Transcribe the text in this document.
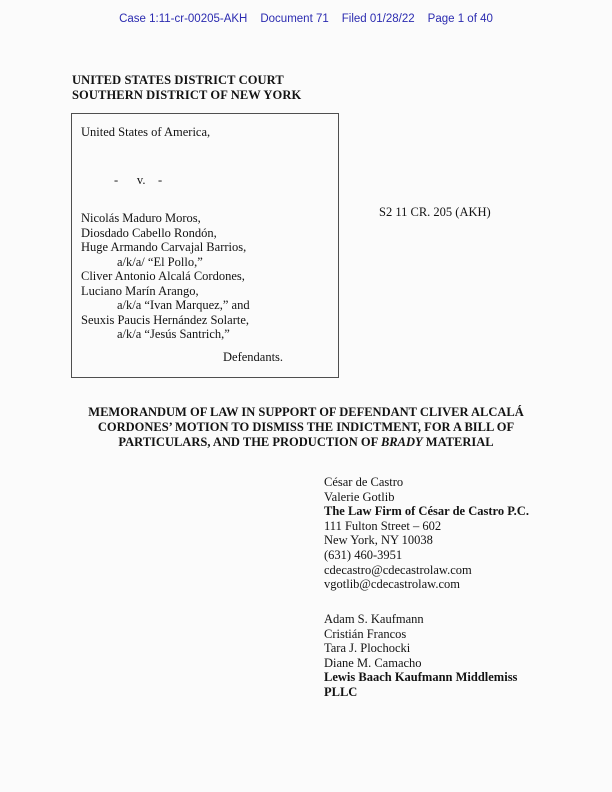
Case 1:11-cr-00205-AKH Document 71 Filed 01/28/22 Page 1 of 40
UNITED STATES DISTRICT COURT
SOUTHERN DISTRICT OF NEW YORK
United States of America,
-      v.    -
Nicolás Maduro Moros,
Diosdado Cabello Rondón,
Huge Armando Carvajal Barrios,
a/k/a/ “El Pollo,”
Cliver Antonio Alcalá Cordones,
Luciano Marín Arango,
a/k/a “Ivan Marquez,” and
Seuxis Paucis Hernández Solarte,
a/k/a “Jesús Santrich,”
Defendants.
S2 11 CR. 205 (AKH)
MEMORANDUM OF LAW IN SUPPORT OF DEFENDANT CLIVER ALCALÁ
CORDONES’ MOTION TO DISMISS THE INDICTMENT, FOR A BILL OF
PARTICULARS, AND THE PRODUCTION OF BRADY MATERIAL
César de Castro
Valerie Gotlib
The Law Firm of César de Castro P.C.
111 Fulton Street – 602
New York, NY 10038
(631) 460-3951
cdecastro@cdecastrolaw.com
vgotlib@cdecastrolaw.com
Adam S. Kaufmann
Cristián Francos
Tara J. Plochocki
Diane M. Camacho
Lewis Baach Kaufmann Middlemiss
PLLC
